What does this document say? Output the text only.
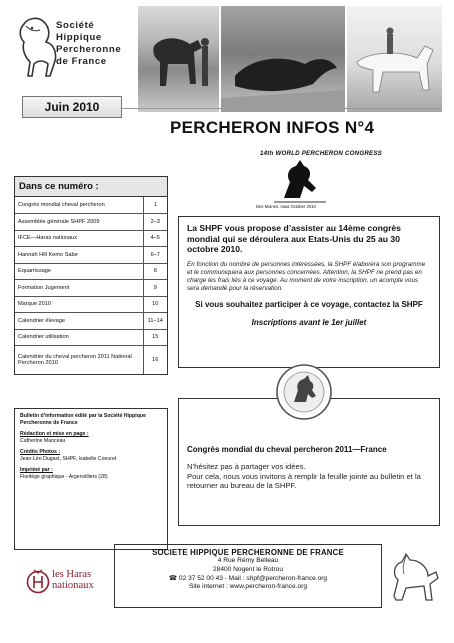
Société
Hippique
Percheronne
de France
Juin 2010
PERCHERON INFOS N°4
Dans ce numéro :
Congrès mondial cheval percheron	1
Assemblée générale SHPF 2009	2–3
IFCE—Haras nationaux	4–5
Hannah Hill Kemo Sabe	6–7
Equarrissage	8
Formation Jugement	9
Marque 2010	10
Calendrier élevage	11–14
Calendrier utilisation	15
Calendrier du cheval percheron 2011 National Percheron 2010	16
14th WORLD PERCHERON CONGRESS
Des Moines, Iowa October 2010
La SHPF vous propose d’assister au 14ème congrès mondial qui se déroulera aux Etats-Unis du 25 au 30 octobre 2010.
En fonction du nombre de personnes intéressées, la SHPF élaborera son programme et le communiquera aux personnes concernées. Attention, la SHPF ne prend pas en charge les frais liés à ce voyage. Au moment de votre inscription, un acompte vous sera demandé pour la réservation.
Si vous souhaitez participer à ce voyage, contactez la SHPF
Inscriptions avant le 1er juillet

Bulletin d’information édité par la Société Hippique Percheronne de France

Rédaction et mise en page :
Catherine Manceau

Crédits Photos :
Jean-Léo Dugast, SHPF, Isabelle Coeuret

Imprimé par :
Florilège graphique - Argenvilliers (28)

Congrès mondial du cheval percheron 2011—France
N’hésitez pas à partager vos idées.
Pour cela, nous vous invitons à remplir la feuille jointe au bulletin et la retourner au bureau de la SHPF.
les Haras
nationaux
SOCIETE HIPPIQUE PERCHERONNE DE FRANCE
4 Rue Rémy Belleau
28400 Nogent le Rotrou
☎ 02 37 52 00 43 - Mail : shpf@percheron-france.org
Site internet : www.percheron-france.org
